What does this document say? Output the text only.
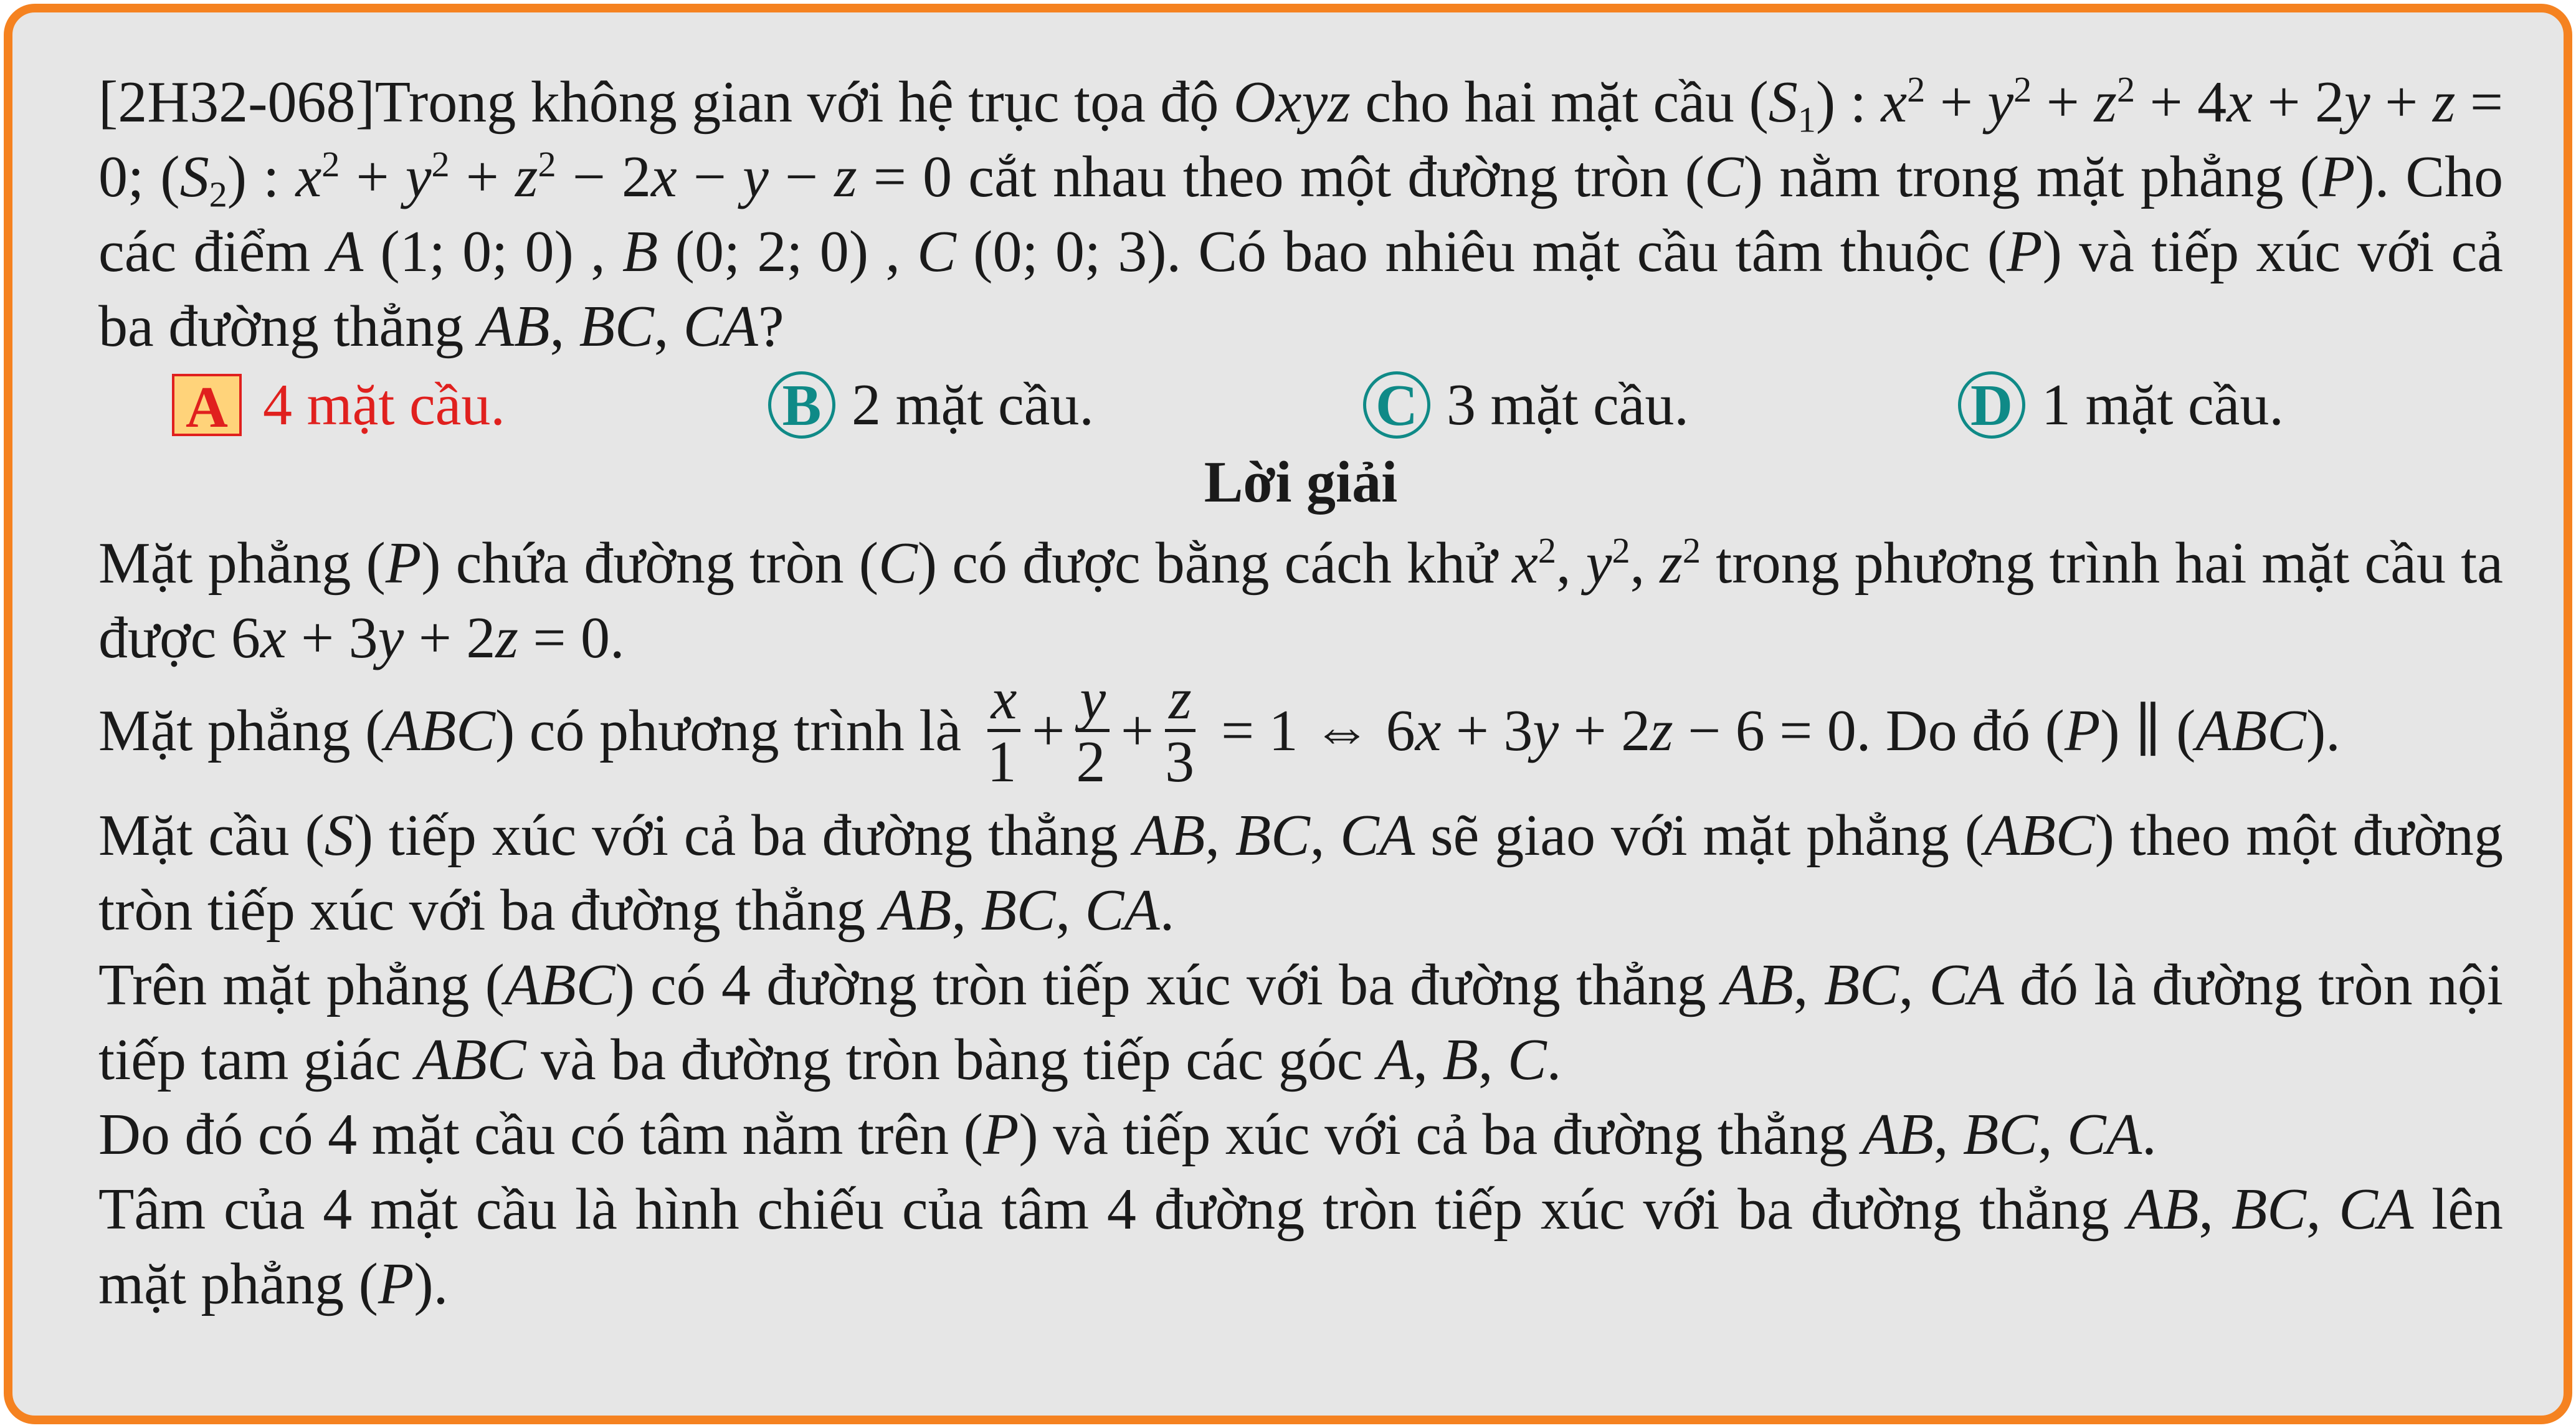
[2H32-068]Trong không gian với hệ trục tọa độ Oxyz cho hai mặt cầu $(S_1)$ : $x^2 + y^2 + z^2 + 4x + 2y + z = 0$; $(S_2)$ : $x^2 + y^2 + z^2 - 2x - y - z = 0$ cắt nhau theo một đường tròn (C) nằm trong mặt phẳng (P). Cho các điểm A (1; 0; 0) , B (0; 2; 0) , C (0; 0; 3). Có bao nhiêu mặt cầu tâm thuộc (P) và tiếp xúc với cả ba đường thẳng AB, BC, CA?
A 4 mặt cầu.	B 2 mặt cầu.	C 3 mặt cầu.	D 1 mặt cầu.
Lời giải
Mặt phẳng (P) chứa đường tròn (C) có được bằng cách khử $x^2$, $y^2$, $z^2$ trong phương trình hai mặt cầu ta được 6x + 3y + 2z = 0.
Mặt phẳng (ABC) có phương trình là $\frac{x}{1} + \frac{y}{2} + \frac{z}{3} = 1$ ⇔ 6x + 3y + 2z − 6 = 0. Do đó (P) ∥ (ABC).
Mặt cầu (S) tiếp xúc với cả ba đường thẳng AB, BC, CA sẽ giao với mặt phẳng (ABC) theo một đường tròn tiếp xúc với ba đường thẳng AB, BC, CA.
Trên mặt phẳng (ABC) có 4 đường tròn tiếp xúc với ba đường thẳng AB, BC, CA đó là đường tròn nội tiếp tam giác ABC và ba đường tròn bàng tiếp các góc A, B, C.
Do đó có 4 mặt cầu có tâm nằm trên (P) và tiếp xúc với cả ba đường thẳng AB, BC, CA.
Tâm của 4 mặt cầu là hình chiếu của tâm 4 đường tròn tiếp xúc với ba đường thẳng AB, BC, CA lên mặt phẳng (P).
